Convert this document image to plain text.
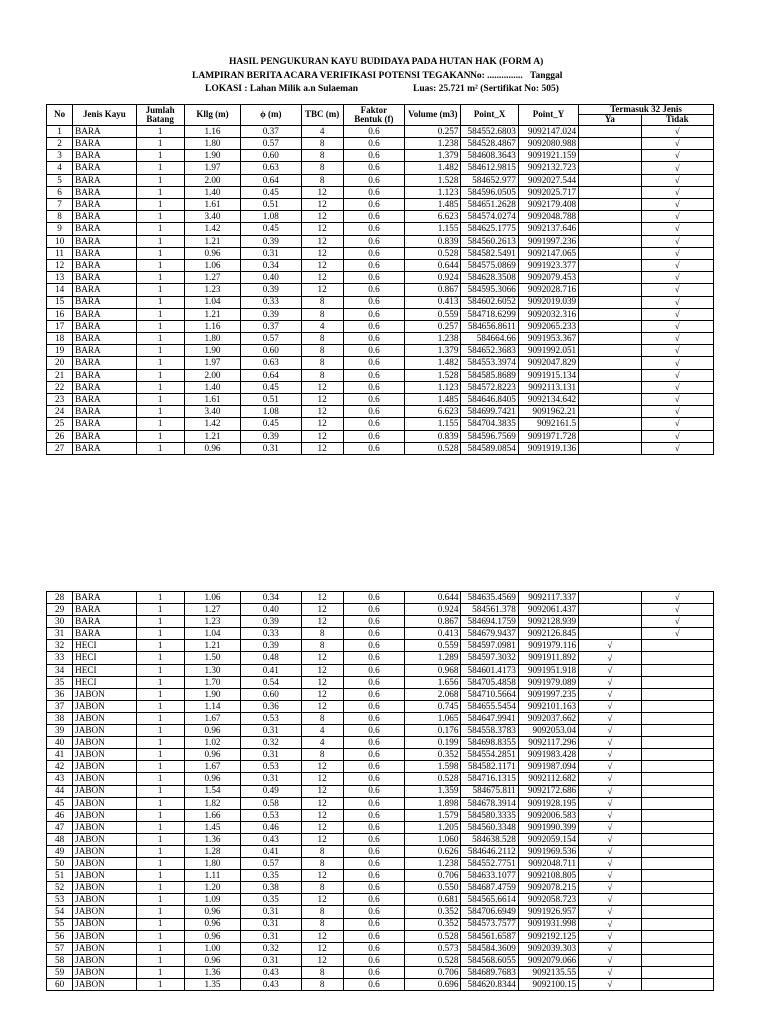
HASIL PENGUKURAN KAYU BUDIDAYA PADA HUTAN HAK (FORM A)
LAMPIRAN BERITA ACARA VERIFIKASI POTENSI TEGAKAN No: ............... Tanggal
LOKASI : Lahan Milik a.n Sulaeman	Luas: 25.721 m² (Sertifikat No: 505)
No	Jenis Kayu	Jumlah Batang	Kllg (m)	ϕ (m)	TBC (m)	Faktor Bentuk (f)	Volume (m3)	Point_X	Point_Y	Termasuk 32 Jenis	
										Ya	Tidak
1	BARA	1	1.16	0.37	4	0.6	0.257	584552.6803	9092147.024		√
2	BARA	1	1.80	0.57	8	0.6	1.238	584528.4867	9092080.988		√
3	BARA	1	1.90	0.60	8	0.6	1.379	584608.3643	9091921.159		√
4	BARA	1	1.97	0.63	8	0.6	1.482	584612.9815	9092132.723		√
5	BARA	1	2.00	0.64	8	0.6	1.528	584652.977	9092027.544		√
6	BARA	1	1.40	0.45	12	0.6	1.123	584596.0505	9092025.717		√
7	BARA	1	1.61	0.51	12	0.6	1.485	584651.2628	9092179.408		√
8	BARA	1	3.40	1.08	12	0.6	6.623	584574.0274	9092048.788		√
9	BARA	1	1.42	0.45	12	0.6	1.155	584625.1775	9092137.646		√
10	BARA	1	1.21	0.39	12	0.6	0.839	584560.2613	9091997.236		√
11	BARA	1	0.96	0.31	12	0.6	0.528	584582.5491	9092147.065		√
12	BARA	1	1.06	0.34	12	0.6	0.644	584575.0869	9091923.377		√
13	BARA	1	1.27	0.40	12	0.6	0.924	584628.3508	9092079.453		√
14	BARA	1	1.23	0.39	12	0.6	0.867	584595.3066	9092028.716		√
15	BARA	1	1.04	0.33	8	0.6	0.413	584602.6052	9092019.039		√
16	BARA	1	1.21	0.39	8	0.6	0.559	584718.6299	9092032.316		√
17	BARA	1	1.16	0.37	4	0.6	0.257	584656.8611	9092065.233		√
18	BARA	1	1.80	0.57	8	0.6	1.238	584664.66	9091953.367		√
19	BARA	1	1.90	0.60	8	0.6	1.379	584652.3683	9091992.051		√
20	BARA	1	1.97	0.63	8	0.6	1.482	584553.3974	9092047.829		√
21	BARA	1	2.00	0.64	8	0.6	1.528	584585.8689	9091915.134		√
22	BARA	1	1.40	0.45	12	0.6	1.123	584572.8223	9092113.131		√
23	BARA	1	1.61	0.51	12	0.6	1.485	584646.8405	9092134.642		√
24	BARA	1	3.40	1.08	12	0.6	6.623	584699.7421	9091962.21		√
25	BARA	1	1.42	0.45	12	0.6	1.155	584704.3835	9092161.5		√
26	BARA	1	1.21	0.39	12	0.6	0.839	584596.7569	9091971.728		√
27	BARA	1	0.96	0.31	12	0.6	0.528	584589.0854	9091919.136		√
28	BARA	1	1.06	0.34	12	0.6	0.644	584635.4569	9092117.337		√
29	BARA	1	1.27	0.40	12	0.6	0.924	584561.378	9092061.437		√
30	BARA	1	1.23	0.39	12	0.6	0.867	584694.1759	9092128.939		√
31	BARA	1	1.04	0.33	8	0.6	0.413	584679.9437	9092126.845		√
32	HECI	1	1.21	0.39	8	0.6	0.559	584597.0981	9091979.116	√	
33	HECI	1	1.50	0.48	12	0.6	1.289	584597.3032	9091911.892	√	
34	HECI	1	1.30	0.41	12	0.6	0.968	584601.4173	9091951.918	√	
35	HECI	1	1.70	0.54	12	0.6	1.656	584705.4858	9091979.089	√	
36	JABON	1	1.90	0.60	12	0.6	2.068	584710.5664	9091997.235	√	
37	JABON	1	1.14	0.36	12	0.6	0.745	584655.5454	9092101.163	√	
38	JABON	1	1.67	0.53	8	0.6	1.065	584647.9941	9092037.662	√	
39	JABON	1	0.96	0.31	4	0.6	0.176	584558.3783	9092053.04	√	
40	JABON	1	1.02	0.32	4	0.6	0.199	584698.8355	9092117.296	√	
41	JABON	1	0.96	0.31	8	0.6	0.352	584554.2851	9091983.428	√	
42	JABON	1	1.67	0.53	12	0.6	1.598	584582.1171	9091987.094	√	
43	JABON	1	0.96	0.31	12	0.6	0.528	584716.1315	9092112.682	√	
44	JABON	1	1.54	0.49	12	0.6	1.359	584675.811	9092172.686	√	
45	JABON	1	1.82	0.58	12	0.6	1.898	584678.3914	9091928.195	√	
46	JABON	1	1.66	0.53	12	0.6	1.579	584580.3335	9092006.583	√	
47	JABON	1	1.45	0.46	12	0.6	1.205	584560.3348	9091990.399	√	
48	JABON	1	1.36	0.43	12	0.6	1.060	584638.528	9092059.154	√	
49	JABON	1	1.28	0.41	8	0.6	0.626	584646.2112	9091969.536	√	
50	JABON	1	1.80	0.57	8	0.6	1.238	584552.7751	9092048.711	√	
51	JABON	1	1.11	0.35	12	0.6	0.706	584633.1077	9092108.805	√	
52	JABON	1	1.20	0.38	8	0.6	0.550	584687.4759	9092078.215	√	
53	JABON	1	1.09	0.35	12	0.6	0.681	584565.6614	9092058.723	√	
54	JABON	1	0.96	0.31	8	0.6	0.352	584706.6949	9091926.957	√	
55	JABON	1	0.96	0.31	8	0.6	0.352	584573.7577	9091931.998	√	
56	JABON	1	0.96	0.31	12	0.6	0.528	584561.6587	9092192.125	√	
57	JABON	1	1.00	0.32	12	0.6	0.573	584584.3609	9092039.303	√	
58	JABON	1	0.96	0.31	12	0.6	0.528	584568.6055	9092079.066	√	
59	JABON	1	1.36	0.43	8	0.6	0.706	584689.7683	9092135.55	√	
60	JABON	1	1.35	0.43	8	0.6	0.696	584620.8344	9092100.15	√	
